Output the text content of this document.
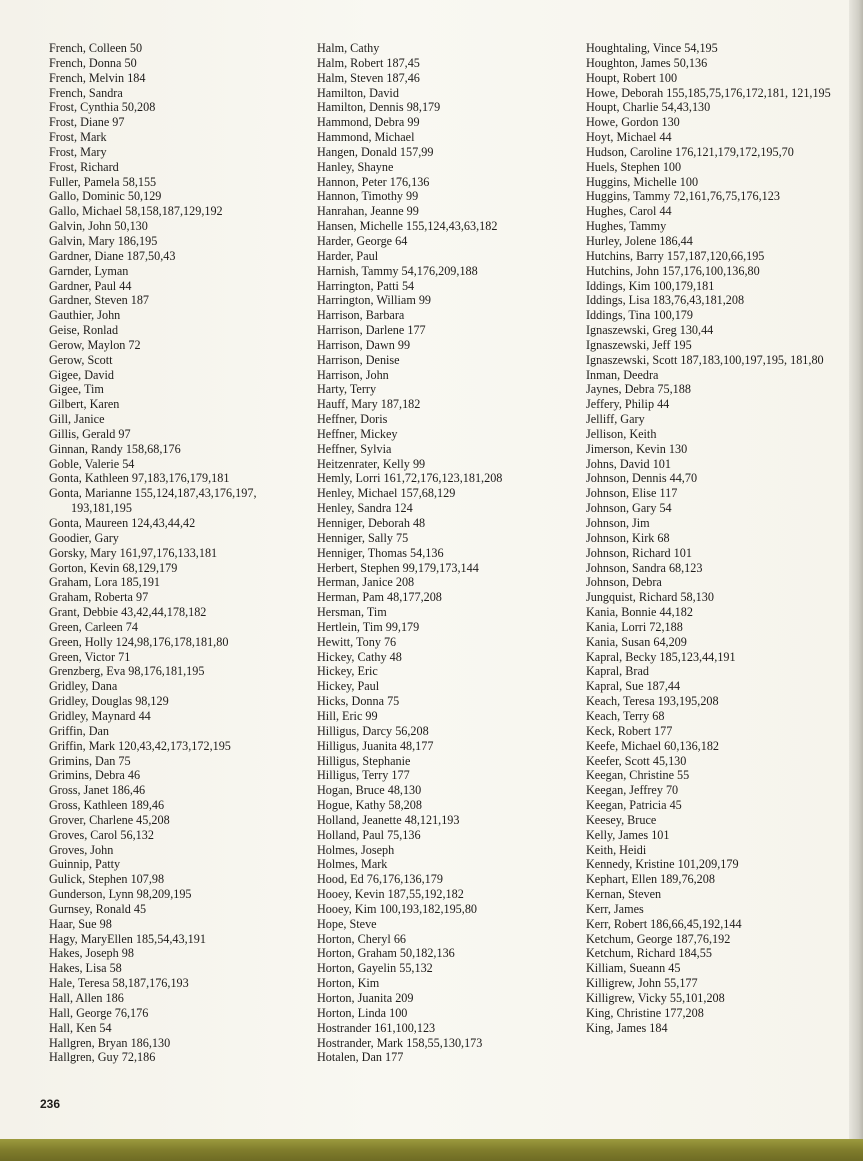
French, Colleen 50
French, Donna 50
French, Melvin 184
French, Sandra
Frost, Cynthia 50,208
Frost, Diane 97
Frost, Mark
Frost, Mary
Frost, Richard
Fuller, Pamela 58,155
Gallo, Dominic 50,129
Gallo, Michael 58,158,187,129,192
Galvin, John 50,130
Galvin, Mary 186,195
Gardner, Diane 187,50,43
Garnder, Lyman
Gardner, Paul 44
Gardner, Steven 187
Gauthier, John
Geise, Ronlad
Gerow, Maylon 72
Gerow, Scott
Gigee, David
Gigee, Tim
Gilbert, Karen
Gill, Janice
Gillis, Gerald 97
Ginnan, Randy 158,68,176
Goble, Valerie 54
Gonta, Kathleen 97,183,176,179,181
Gonta, Marianne 155,124,187,43,176,197, 193,181,195
Gonta, Maureen 124,43,44,42
Goodier, Gary
Gorsky, Mary 161,97,176,133,181
Gorton, Kevin 68,129,179
Graham, Lora 185,191
Graham, Roberta 97
Grant, Debbie 43,42,44,178,182
Green, Carleen 74
Green, Holly 124,98,176,178,181,80
Green, Victor 71
Grenzberg, Eva 98,176,181,195
Gridley, Dana
Gridley, Douglas 98,129
Gridley, Maynard 44
Griffin, Dan
Griffin, Mark 120,43,42,173,172,195
Grimins, Dan 75
Grimins, Debra 46
Gross, Janet 186,46
Gross, Kathleen 189,46
Grover, Charlene 45,208
Groves, Carol 56,132
Groves, John
Guinnip, Patty
Gulick, Stephen 107,98
Gunderson, Lynn 98,209,195
Gurnsey, Ronald 45
Haar, Sue 98
Hagy, MaryEllen 185,54,43,191
Hakes, Joseph 98
Hakes, Lisa 58
Hale, Teresa 58,187,176,193
Hall, Allen 186
Hall, George 76,176
Hall, Ken 54
Hallgren, Bryan 186,130
Hallgren, Guy 72,186
Halm, Cathy
Halm, Robert 187,45
Halm, Steven 187,46
Hamilton, David
Hamilton, Dennis 98,179
Hammond, Debra 99
Hammond, Michael
Hangen, Donald 157,99
Hanley, Shayne
Hannon, Peter 176,136
Hannon, Timothy 99
Hanrahan, Jeanne 99
Hansen, Michelle 155,124,43,63,182
Harder, George 64
Harder, Paul
Harnish, Tammy 54,176,209,188
Harrington, Patti 54
Harrington, William 99
Harrison, Barbara
Harrison, Darlene 177
Harrison, Dawn 99
Harrison, Denise
Harrison, John
Harty, Terry
Hauff, Mary 187,182
Heffner, Doris
Heffner, Mickey
Heffner, Sylvia
Heitzenrater, Kelly 99
Hemly, Lorri 161,72,176,123,181,208
Henley, Michael 157,68,129
Henley, Sandra 124
Henniger, Deborah 48
Henniger, Sally 75
Henniger, Thomas 54,136
Herbert, Stephen 99,179,173,144
Herman, Janice 208
Herman, Pam 48,177,208
Hersman, Tim
Hertlein, Tim 99,179
Hewitt, Tony 76
Hickey, Cathy 48
Hickey, Eric
Hickey, Paul
Hicks, Donna 75
Hill, Eric 99
Hilligus, Darcy 56,208
Hilligus, Juanita 48,177
Hilligus, Stephanie
Hilligus, Terry 177
Hogan, Bruce 48,130
Hogue, Kathy 58,208
Holland, Jeanette 48,121,193
Holland, Paul 75,136
Holmes, Joseph
Holmes, Mark
Hood, Ed 76,176,136,179
Hooey, Kevin 187,55,192,182
Hooey, Kim 100,193,182,195,80
Hope, Steve
Horton, Cheryl 66
Horton, Graham 50,182,136
Horton, Gayelin 55,132
Horton, Kim
Horton, Juanita 209
Horton, Linda 100
Hostrander 161,100,123
Hostrander, Mark 158,55,130,173
Hotalen, Dan 177
Houghtaling, Vince 54,195
Houghton, James 50,136
Houpt, Robert 100
Howe, Deborah 155,185,75,176,172,181, 121,195
Houpt, Charlie 54,43,130
Howe, Gordon 130
Hoyt, Michael 44
Hudson, Caroline 176,121,179,172,195,70
Huels, Stephen 100
Huggins, Michelle 100
Huggins, Tammy 72,161,76,75,176,123
Hughes, Carol 44
Hughes, Tammy
Hurley, Jolene 186,44
Hutchins, Barry 157,187,120,66,195
Hutchins, John 157,176,100,136,80
Iddings, Kim 100,179,181
Iddings, Lisa 183,76,43,181,208
Iddings, Tina 100,179
Ignaszewski, Greg 130,44
Ignaszewski, Jeff 195
Ignaszewski, Scott 187,183,100,197,195, 181,80
Inman, Deedra
Jaynes, Debra 75,188
Jeffery, Philip 44
Jelliff, Gary
Jellison, Keith
Jimerson, Kevin 130
Johns, David 101
Johnson, Dennis 44,70
Johnson, Elise 117
Johnson, Gary 54
Johnson, Jim
Johnson, Kirk 68
Johnson, Richard 101
Johnson, Sandra 68,123
Johnson, Debra
Jungquist, Richard 58,130
Kania, Bonnie 44,182
Kania, Lorri 72,188
Kania, Susan 64,209
Kapral, Becky 185,123,44,191
Kapral, Brad
Kapral, Sue 187,44
Keach, Teresa 193,195,208
Keach, Terry 68
Keck, Robert 177
Keefe, Michael 60,136,182
Keefer, Scott 45,130
Keegan, Christine 55
Keegan, Jeffrey 70
Keegan, Patricia 45
Keesey, Bruce
Kelly, James 101
Keith, Heidi
Kennedy, Kristine 101,209,179
Kephart, Ellen 189,76,208
Kernan, Steven
Kerr, James
Kerr, Robert 186,66,45,192,144
Ketchum, George 187,76,192
Ketchum, Richard 184,55
Killiam, Sueann 45
Killigrew, John 55,177
Killigrew, Vicky 55,101,208
King, Christine 177,208
King, James 184
236
